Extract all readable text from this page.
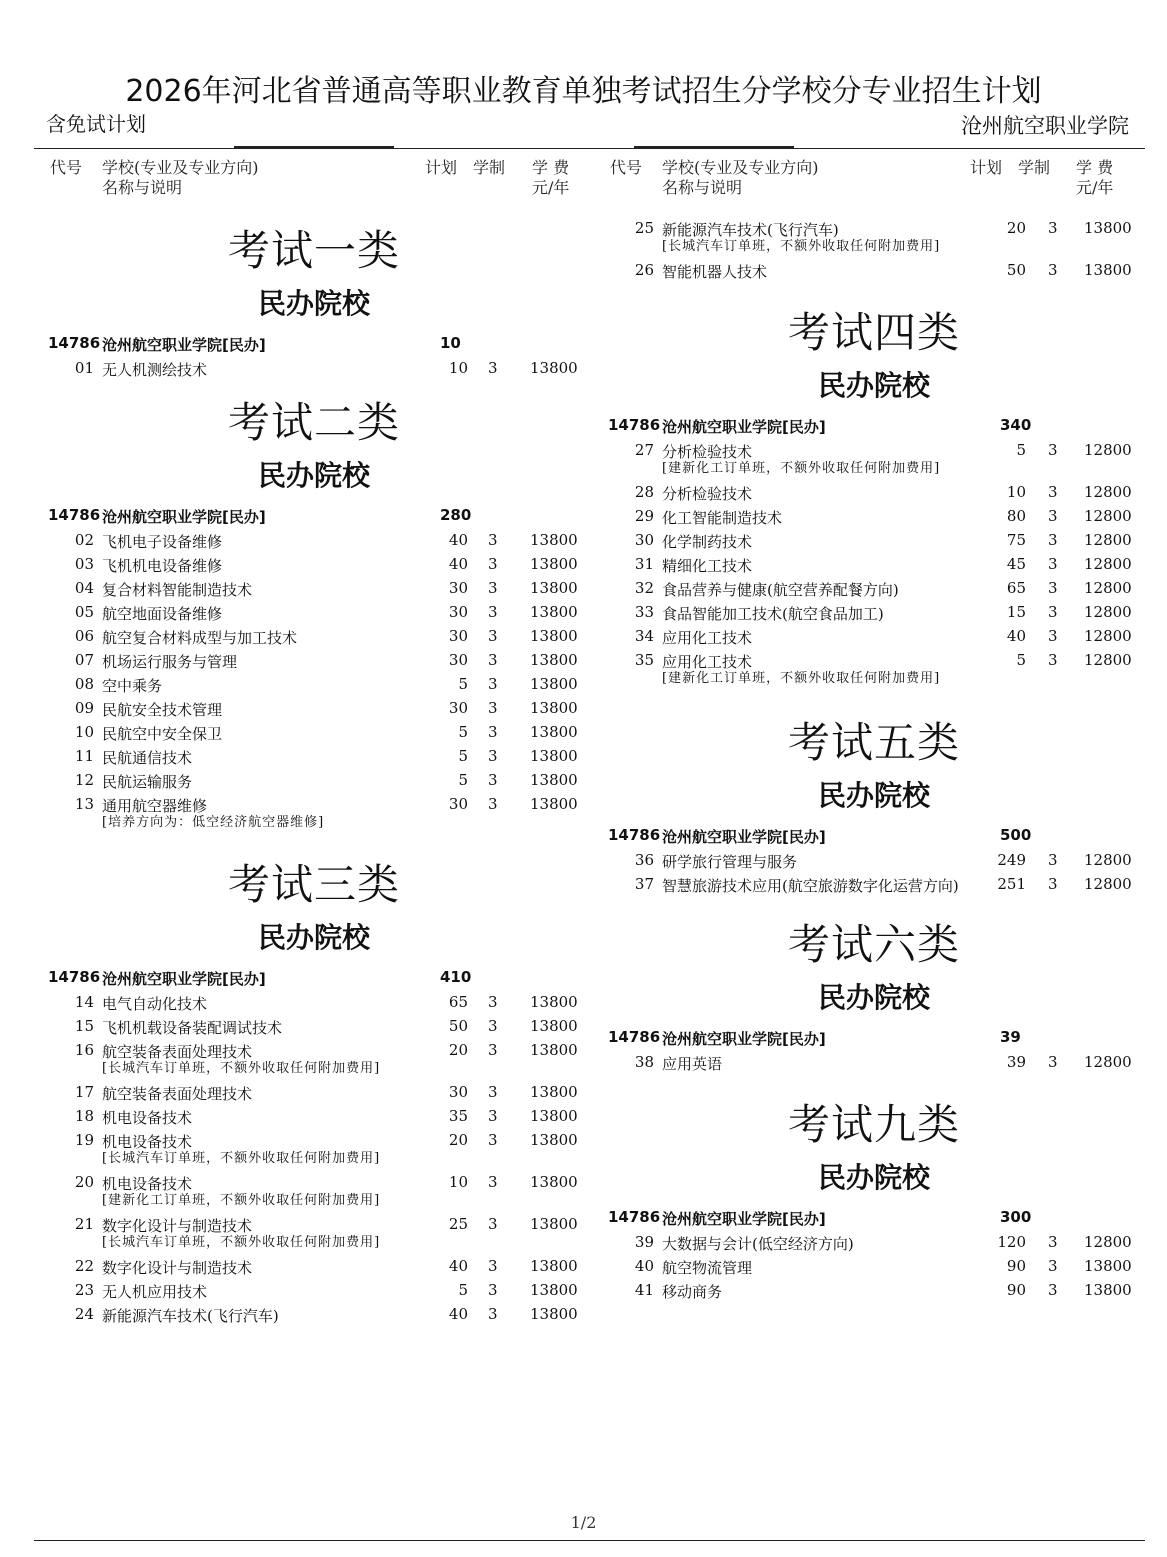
2026年河北省普通高等职业教育单独考试招生分学校分专业招生计划
含免试计划	沧州航空职业学院
代号 学校(专业及专业方向)
名称与说明
计划 学制 学 费
元/年
考试一类
民办院校
14786 沧州航空职业学院[民办]	10
01 无人机测绘技术	10 3 13800
考试二类
民办院校
14786 沧州航空职业学院[民办]	280
02 飞机电子设备维修	40 3 13800
03 飞机机电设备维修	40 3 13800
04 复合材料智能制造技术	30 3 13800
05 航空地面设备维修	30 3 13800
06 航空复合材料成型与加工技术	30 3 13800
07 机场运行服务与管理	30 3 13800
08 空中乘务	5 3 13800
09 民航安全技术管理	30 3 13800
10 民航空中安全保卫	5 3 13800
11 民航通信技术	5 3 13800
12 民航运输服务	5 3 13800
13 通用航空器维修	30 3 13800
[培养方向为：低空经济航空器维修]
考试三类
民办院校
14786 沧州航空职业学院[民办]	410
14 电气自动化技术	65 3 13800
15 飞机机载设备装配调试技术	50 3 13800
16 航空装备表面处理技术	20 3 13800
[长城汽车订单班，不额外收取任何附加费用]
17 航空装备表面处理技术	30 3 13800
18 机电设备技术	35 3 13800
19 机电设备技术	20 3 13800
[长城汽车订单班，不额外收取任何附加费用]
20 机电设备技术	10 3 13800
[建新化工订单班，不额外收取任何附加费用]
21 数字化设计与制造技术	25 3 13800
[长城汽车订单班，不额外收取任何附加费用]
22 数字化设计与制造技术	40 3 13800
23 无人机应用技术	5 3 13800
24 新能源汽车技术(飞行汽车)	40 3 13800
代号 学校(专业及专业方向)
名称与说明
计划 学制 学 费
元/年
25 新能源汽车技术(飞行汽车)	20 3 13800
[长城汽车订单班，不额外收取任何附加费用]
26 智能机器人技术	50 3 13800
考试四类
民办院校
14786 沧州航空职业学院[民办]	340
27 分析检验技术	5 3 12800
[建新化工订单班，不额外收取任何附加费用]
28 分析检验技术	10 3 12800
29 化工智能制造技术	80 3 12800
30 化学制药技术	75 3 12800
31 精细化工技术	45 3 12800
32 食品营养与健康(航空营养配餐方向)	65 3 12800
33 食品智能加工技术(航空食品加工)	15 3 12800
34 应用化工技术	40 3 12800
35 应用化工技术	5 3 12800
[建新化工订单班，不额外收取任何附加费用]
考试五类
民办院校
14786 沧州航空职业学院[民办]	500
36 研学旅行管理与服务	249 3 12800
37 智慧旅游技术应用(航空旅游数字化运营方向)	251 3 12800
考试六类
民办院校
14786 沧州航空职业学院[民办]	39
38 应用英语	39 3 12800
考试九类
民办院校
14786 沧州航空职业学院[民办]	300
39 大数据与会计(低空经济方向)	120 3 12800
40 航空物流管理	90 3 13800
41 移动商务	90 3 13800
1/2
